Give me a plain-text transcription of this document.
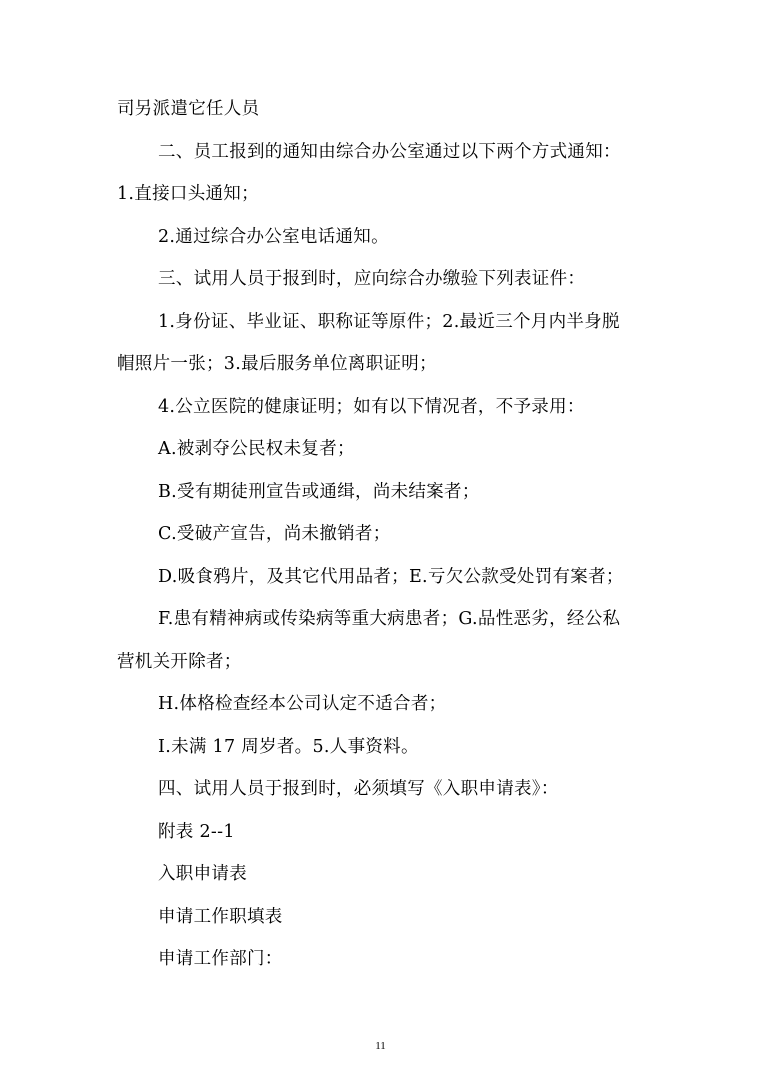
司另派遣它任人员
二、员工报到的通知由综合办公室通过以下两个方式通知：
1.直接口头通知；
2.通过综合办公室电话通知。
三、试用人员于报到时，应向综合办缴验下列表证件：
1.身份证、毕业证、职称证等原件；2.最近三个月内半身脱
帽照片一张；3.最后服务单位离职证明；
4.公立医院的健康证明；如有以下情况者，不予录用：
A.被剥夺公民权未复者；
B.受有期徒刑宣告或通缉，尚未结案者；
C.受破产宣告，尚未撤销者；
D.吸食鸦片，及其它代用品者；E.亏欠公款受处罚有案者；
F.患有精神病或传染病等重大病患者；G.品性恶劣，经公私
营机关开除者；
H.体格检查经本公司认定不适合者；
I.未满 17 周岁者。5.人事资料。
四、试用人员于报到时，必须填写《入职申请表》：
附表 2--1
入职申请表
申请工作职填表
申请工作部门：
11
